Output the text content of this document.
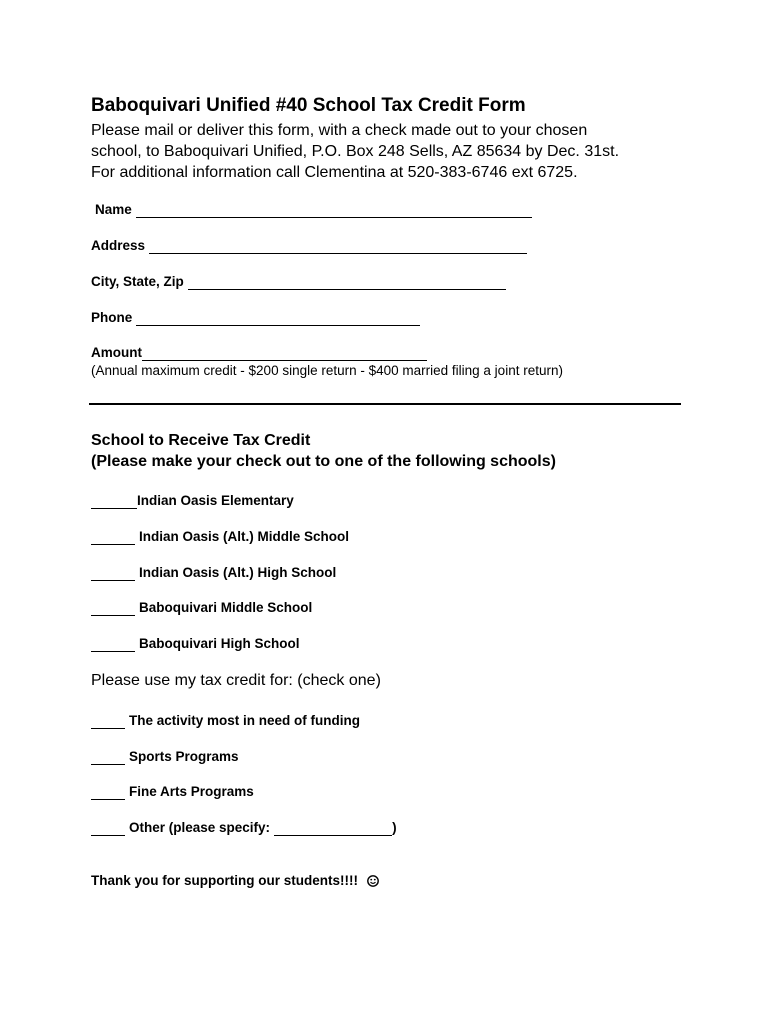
Baboquivari Unified #40 School Tax Credit Form
Please mail or deliver this form, with a check made out to your chosen
school, to Baboquivari Unified, P.O. Box 248 Sells, AZ 85634 by Dec. 31st.
For additional information call Clementina at 520-383-6746 ext 6725.
Name
Address
City, State, Zip
Phone
Amount
(Annual maximum credit - $200 single return - $400 married filing a joint return)
School to Receive Tax Credit
(Please make your check out to one of the following schools)
Indian Oasis Elementary
Indian Oasis (Alt.) Middle School
Indian Oasis (Alt.) High School
Baboquivari Middle School
Baboquivari High School
Please use my tax credit for: (check one)
The activity most in need of funding
Sports Programs
Fine Arts Programs
Other (please specify:	)
Thank you for supporting our students!!!!
